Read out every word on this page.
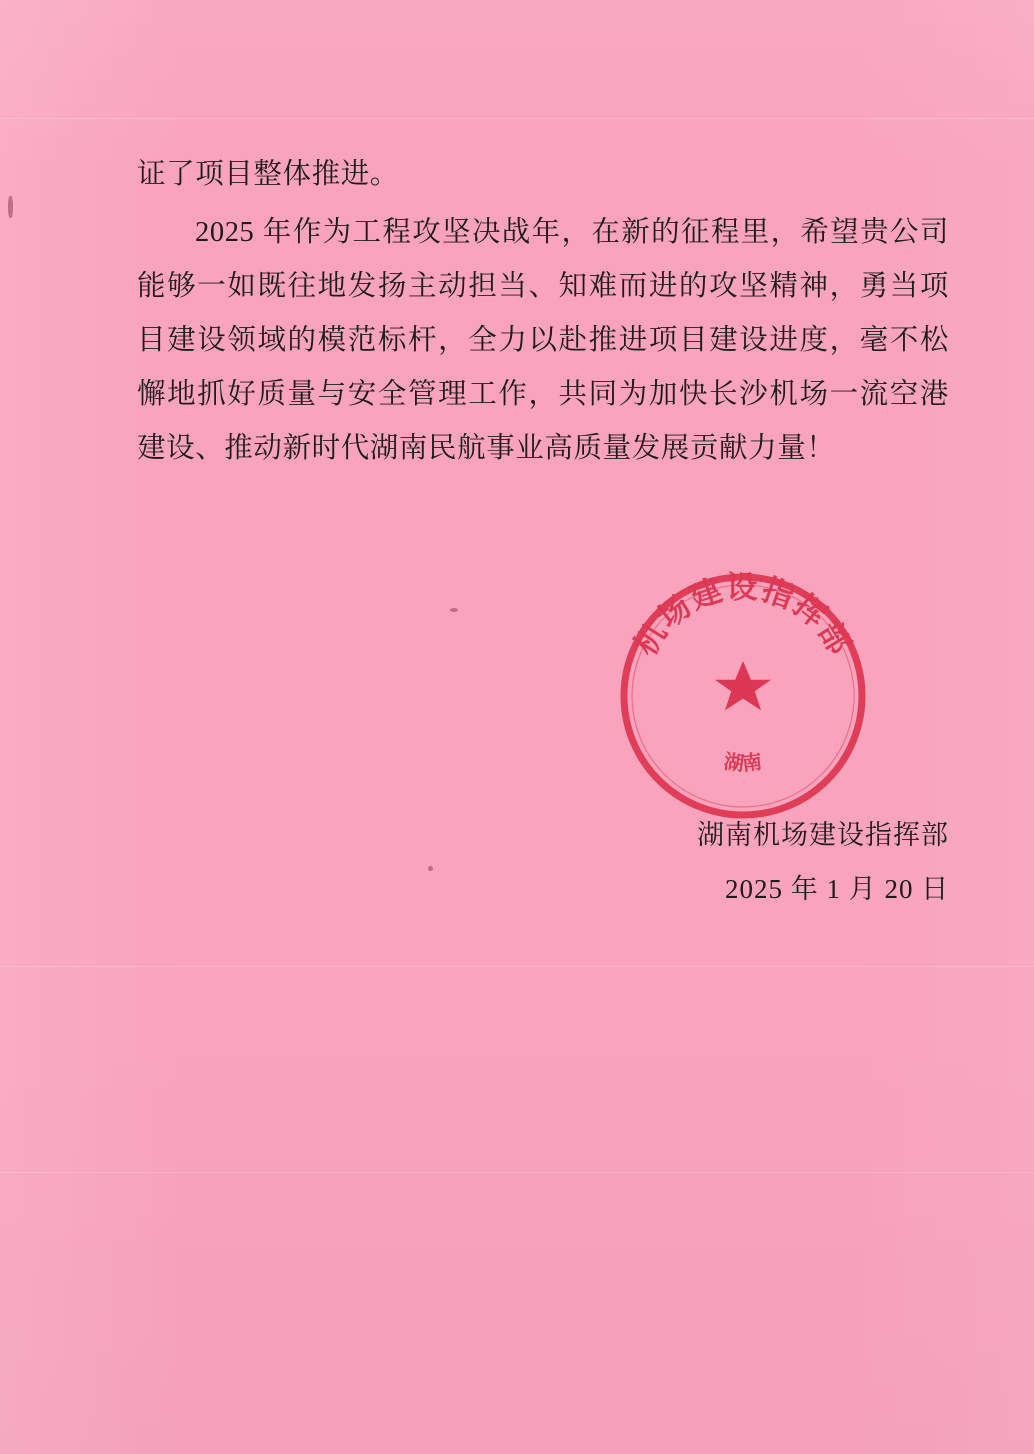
证了项目整体推进。

2025 年作为工程攻坚决战年，在新的征程里，希望贵公司能够一如既往地发扬主动担当、知难而进的攻坚精神，勇当项目建设领域的模范标杆，全力以赴推进项目建设进度，毫不松懈地抓好质量与安全管理工作，共同为加快长沙机场一流空港建设、推动新时代湖南民航事业高质量发展贡献力量！

湖南机场建设指挥部
2025 年 1 月 20 日
机场建设指挥部
湖南
